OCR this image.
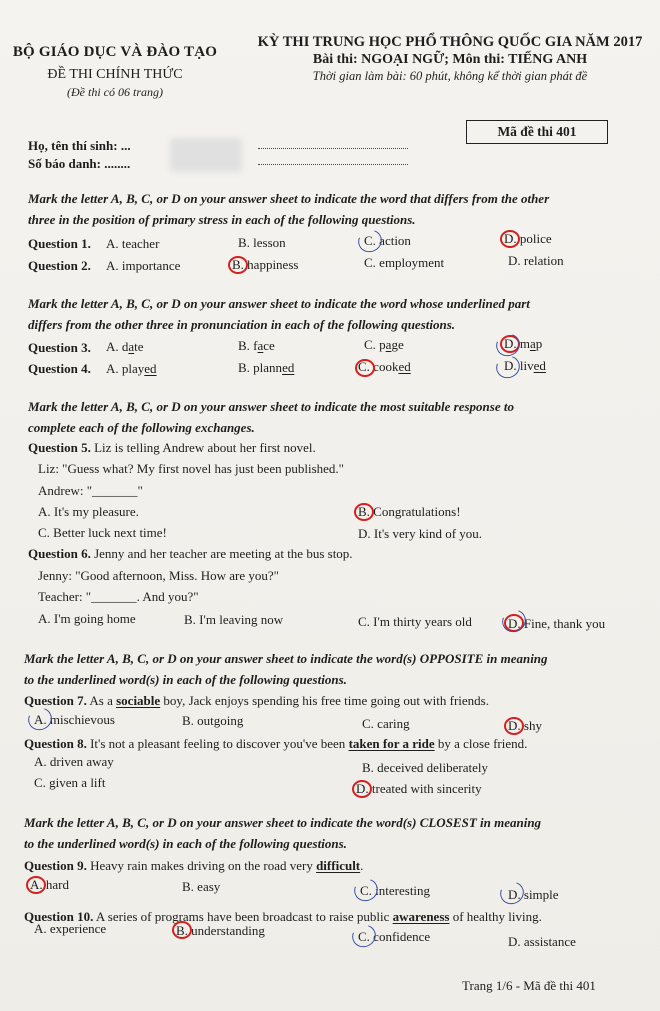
BỘ GIÁO DỤC VÀ ĐÀO TẠO
ĐỀ THI CHÍNH THỨC
(Đề thi có 06 trang)
KỲ THI TRUNG HỌC PHỔ THÔNG QUỐC GIA NĂM 2017
Bài thi: NGOẠI NGỮ; Môn thi: TIẾNG ANH
Thời gian làm bài: 60 phút, không kể thời gian phát đề
Họ, tên thí sinh: ...
Số báo danh: ........
Mã đề thi 401
Mark the letter A, B, C, or D on your answer sheet to indicate the word that differs from the other
three in the position of primary stress in each of the following questions.
Question 1. A. teacher	B. lesson	C. action	D. police
Question 2. A. importance	B. happiness	C. employment	D. relation
Mark the letter A, B, C, or D on your answer sheet to indicate the word whose underlined part
differs from the other three in pronunciation in each of the following questions.
Question 3. A. date	B. face	C. page	D. map
Question 4. A. played	B. planned	C. cooked	D. lived
Mark the letter A, B, C, or D on your answer sheet to indicate the most suitable response to
complete each of the following exchanges.
Question 5. Liz is telling Andrew about her first novel.
Liz: "Guess what? My first novel has just been published."
Andrew: "_______"
A. It's my pleasure.	B. Congratulations!
C. Better luck next time!	D. It's very kind of you.
Question 6. Jenny and her teacher are meeting at the bus stop.
Jenny: "Good afternoon, Miss. How are you?"
Teacher: "_______. And you?"
A. I'm going home	B. I'm leaving now	C. I'm thirty years old	D. Fine, thank you
Mark the letter A, B, C, or D on your answer sheet to indicate the word(s) OPPOSITE in meaning
to the underlined word(s) in each of the following questions.
Question 7. As a sociable boy, Jack enjoys spending his free time going out with friends.
A. mischievous	B. outgoing	C. caring	D. shy
Question 8. It's not a pleasant feeling to discover you've been taken for a ride by a close friend.
A. driven away	B. deceived deliberately
C. given a lift	D. treated with sincerity
Mark the letter A, B, C, or D on your answer sheet to indicate the word(s) CLOSEST in meaning
to the underlined word(s) in each of the following questions.
Question 9. Heavy rain makes driving on the road very difficult.
A. hard	B. easy	C. interesting	D. simple
Question 10. A series of programs have been broadcast to raise public awareness of healthy living.
A. experience	B. understanding	C. confidence	D. assistance
Trang 1/6 - Mã đề thi 401
